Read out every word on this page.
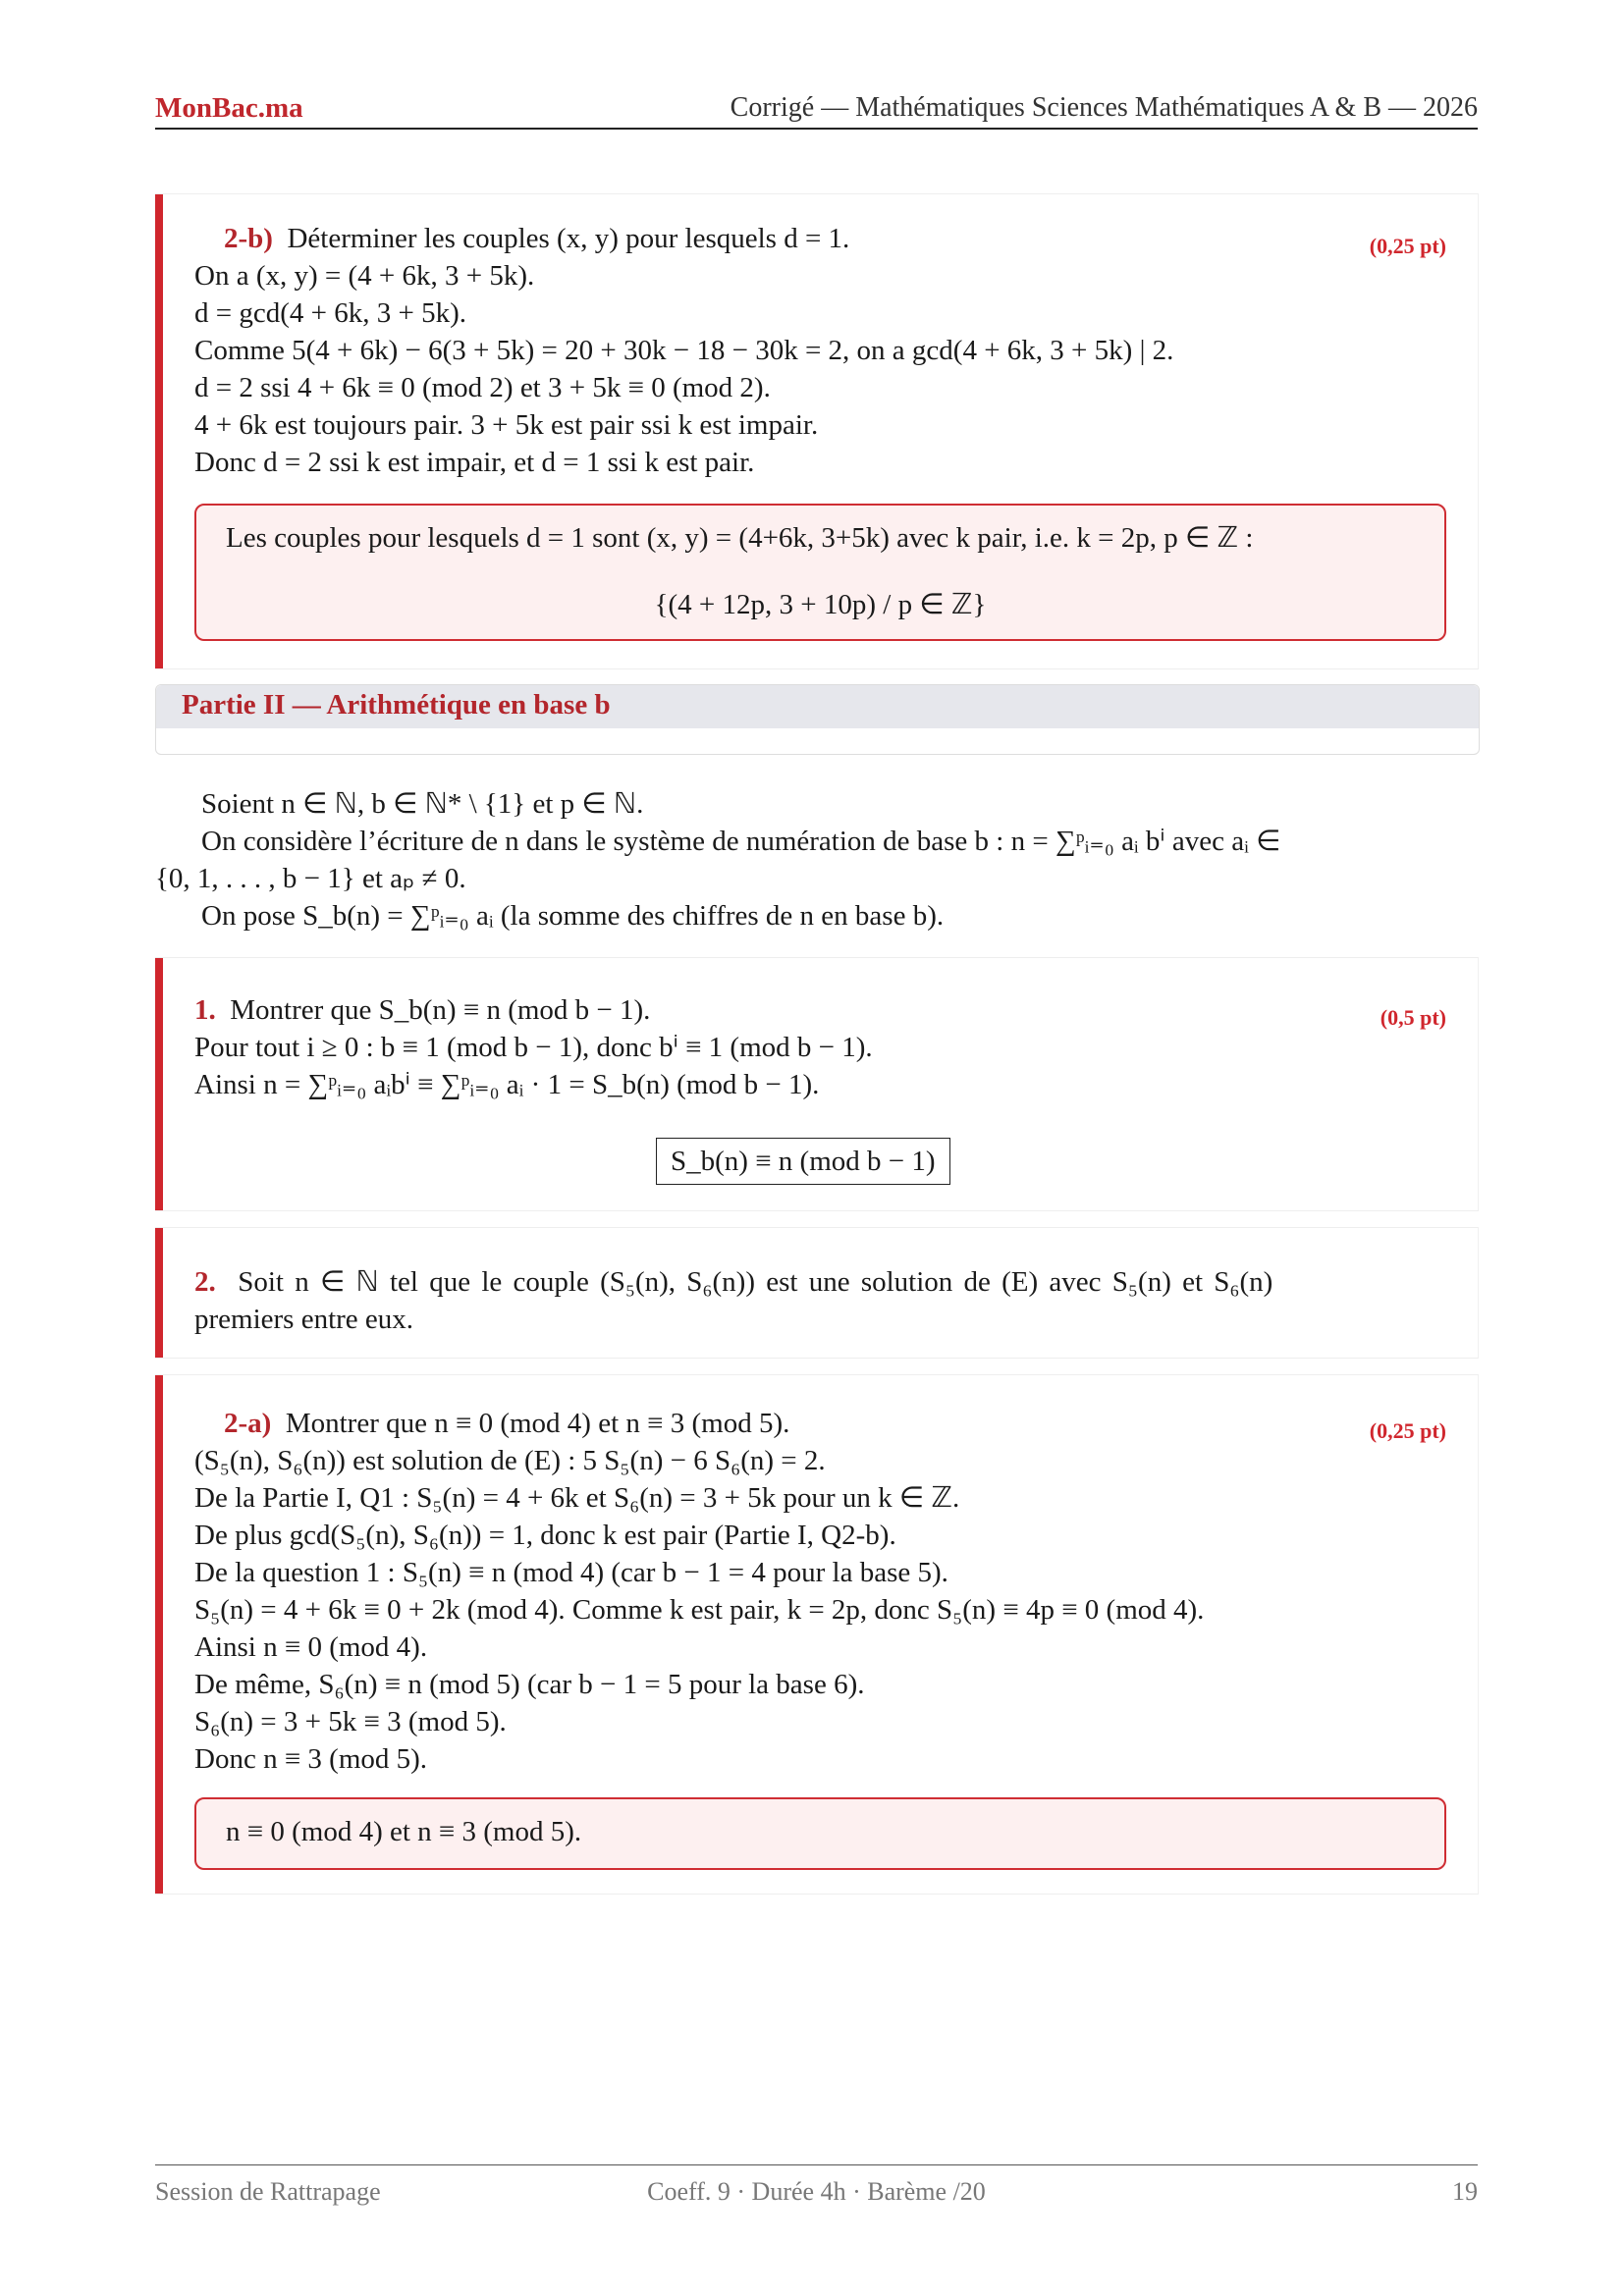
MonBac.ma	Corrigé — Mathématiques Sciences Mathématiques A & B — 2026
2-b) Déterminer les couples (x, y) pour lesquels d = 1.	(0,25 pt)
On a (x, y) = (4 + 6k, 3 + 5k).
d = gcd(4 + 6k, 3 + 5k).
Comme 5(4 + 6k) − 6(3 + 5k) = 20 + 30k − 18 − 30k = 2, on a gcd(4 + 6k, 3 + 5k) | 2.
d = 2 ssi 4 + 6k ≡ 0 (mod 2) et 3 + 5k ≡ 0 (mod 2).
4 + 6k est toujours pair. 3 + 5k est pair ssi k est impair.
Donc d = 2 ssi k est impair, et d = 1 ssi k est pair.
Les couples pour lesquels d = 1 sont (x, y) = (4+6k, 3+5k) avec k pair, i.e. k = 2p, p ∈ ℤ :
{(4 + 12p, 3 + 10p) / p ∈ ℤ}
Partie II — Arithmétique en base b
Soient n ∈ ℕ, b ∈ ℕ* \ {1} et p ∈ ℕ.
On considère l’écriture de n dans le système de numération de base b : n = ∑ᵖᵢ₌₀ aᵢ bⁱ avec aᵢ ∈
{0, 1, . . . , b − 1} et aₚ ≠ 0.
On pose S_b(n) = ∑ᵖᵢ₌₀ aᵢ (la somme des chiffres de n en base b).
1. Montrer que S_b(n) ≡ n (mod b − 1).	(0,5 pt)
Pour tout i ≥ 0 : b ≡ 1 (mod b − 1), donc bⁱ ≡ 1 (mod b − 1).
Ainsi n = ∑ᵖᵢ₌₀ aᵢbⁱ ≡ ∑ᵖᵢ₌₀ aᵢ · 1 = S_b(n) (mod b − 1).
S_b(n) ≡ n (mod b − 1)
2. Soit n ∈ ℕ tel que le couple (S₅(n), S₆(n)) est une solution de (E) avec S₅(n) et S₆(n)
premiers entre eux.
2-a) Montrer que n ≡ 0 (mod 4) et n ≡ 3 (mod 5).	(0,25 pt)
(S₅(n), S₆(n)) est solution de (E) : 5 S₅(n) − 6 S₆(n) = 2.
De la Partie I, Q1 : S₅(n) = 4 + 6k et S₆(n) = 3 + 5k pour un k ∈ ℤ.
De plus gcd(S₅(n), S₆(n)) = 1, donc k est pair (Partie I, Q2-b).
De la question 1 : S₅(n) ≡ n (mod 4) (car b − 1 = 4 pour la base 5).
S₅(n) = 4 + 6k ≡ 0 + 2k (mod 4). Comme k est pair, k = 2p, donc S₅(n) ≡ 4p ≡ 0 (mod 4).
Ainsi n ≡ 0 (mod 4).
De même, S₆(n) ≡ n (mod 5) (car b − 1 = 5 pour la base 6).
S₆(n) = 3 + 5k ≡ 3 (mod 5).
Donc n ≡ 3 (mod 5).
n ≡ 0 (mod 4) et n ≡ 3 (mod 5).
Session de Rattrapage	Coeff. 9 · Durée 4h · Barème /20	19
